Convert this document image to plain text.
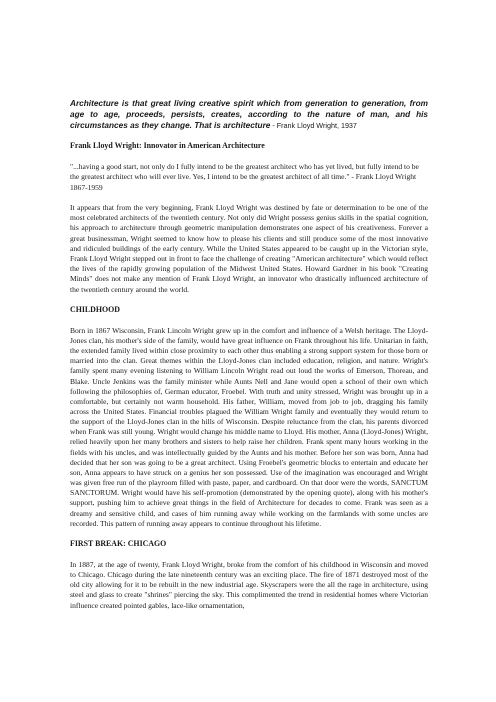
Architecture is that great living creative spirit which from generation to generation, from age to age, proceeds, persists, creates, according to the nature of man, and his circumstances as they change. That is architecture - Frank Lloyd Wright, 1937

Frank Lloyd Wright: Innovator in American Architecture

"...having a good start, not only do I fully intend to be the greatest architect who has yet lived, but fully intend to be the greatest architect who will ever live. Yes, I intend to be the greatest architect of all time." - Frank Lloyd Wright 1867-1959

It appears that from the very beginning, Frank Lloyd Wright was destined by fate or determination to be one of the most celebrated architects of the twentieth century. Not only did Wright possess genius skills in the spatial cognition, his approach to architecture through geometric manipulation demonstrates one aspect of his creativeness. Forever a great businessman, Wright seemed to know how to please his clients and still produce some of the most innovative and ridiculed buildings of the early century. While the United States appeared to be caught up in the Victorian style, Frank Lloyd Wright stepped out in front to face the challenge of creating "American architecture" which would reflect the lives of the rapidly growing population of the Midwest United States. Howard Gardner in his book "Creating Minds" does not make any mention of Frank Lloyd Wright, an innovator who drastically influenced architecture of the twentieth century around the world.

CHILDHOOD

Born in 1867 Wisconsin, Frank Lincoln Wright grew up in the comfort and influence of a Welsh heritage. The Lloyd-Jones clan, his mother's side of the family, would have great influence on Frank throughout his life. Unitarian in faith, the extended family lived within close proximity to each other thus enabling a strong support system for those born or married into the clan. Great themes within the Lloyd-Jones clan included education, religion, and nature. Wright's family spent many evening listening to William Lincoln Wright read out loud the works of Emerson, Thoreau, and Blake. Uncle Jenkins was the family minister while Aunts Nell and Jane would open a school of their own which following the philosophies of, German educator, Froebel. With truth and unity stressed, Wright was brought up in a comfortable, but certainly not warm household. His father, William, moved from job to job, dragging his family across the United States. Financial troubles plagued the William Wright family and eventually they would return to the support of the Lloyd-Jones clan in the hills of Wisconsin. Despite reluctance from the clan, his parents divorced when Frank was still young. Wright would change his middle name to Lloyd. His mother, Anna (Lloyd-Jones) Wright, relied heavily upon her many brothers and sisters to help raise her children. Frank spent many hours working in the fields with his uncles, and was intellectually guided by the Aunts and his mother. Before her son was born, Anna had decided that her son was going to be a great architect. Using Froebel's geometric blocks to entertain and educate her son, Anna appears to have struck on a genius her son possessed. Use of the imagination was encouraged and Wright was given free run of the playroom filled with paste, paper, and cardboard. On that door were the words, SANCTUM SANCTORUM. Wright would have his self-promotion (demonstrated by the opening quote), along with his mother's support, pushing him to achieve great things in the field of Architecture for decades to come. Frank was seen as a dreamy and sensitive child, and cases of him running away while working on the farmlands with some uncles are recorded. This pattern of running away appears to continue throughout his lifetime.

FIRST BREAK: CHICAGO

In 1887, at the age of twenty, Frank Lloyd Wright, broke from the comfort of his childhood in Wisconsin and moved to Chicago. Chicago during the late nineteenth century was an exciting place. The fire of 1871 destroyed most of the old city allowing for it to be rebuilt in the new industrial age. Skyscrapers were the all the rage in architecture, using steel and glass to create "shrines" piercing the sky. This complimented the trend in residential homes where Victorian influence created pointed gables, lace-like ornamentation,
